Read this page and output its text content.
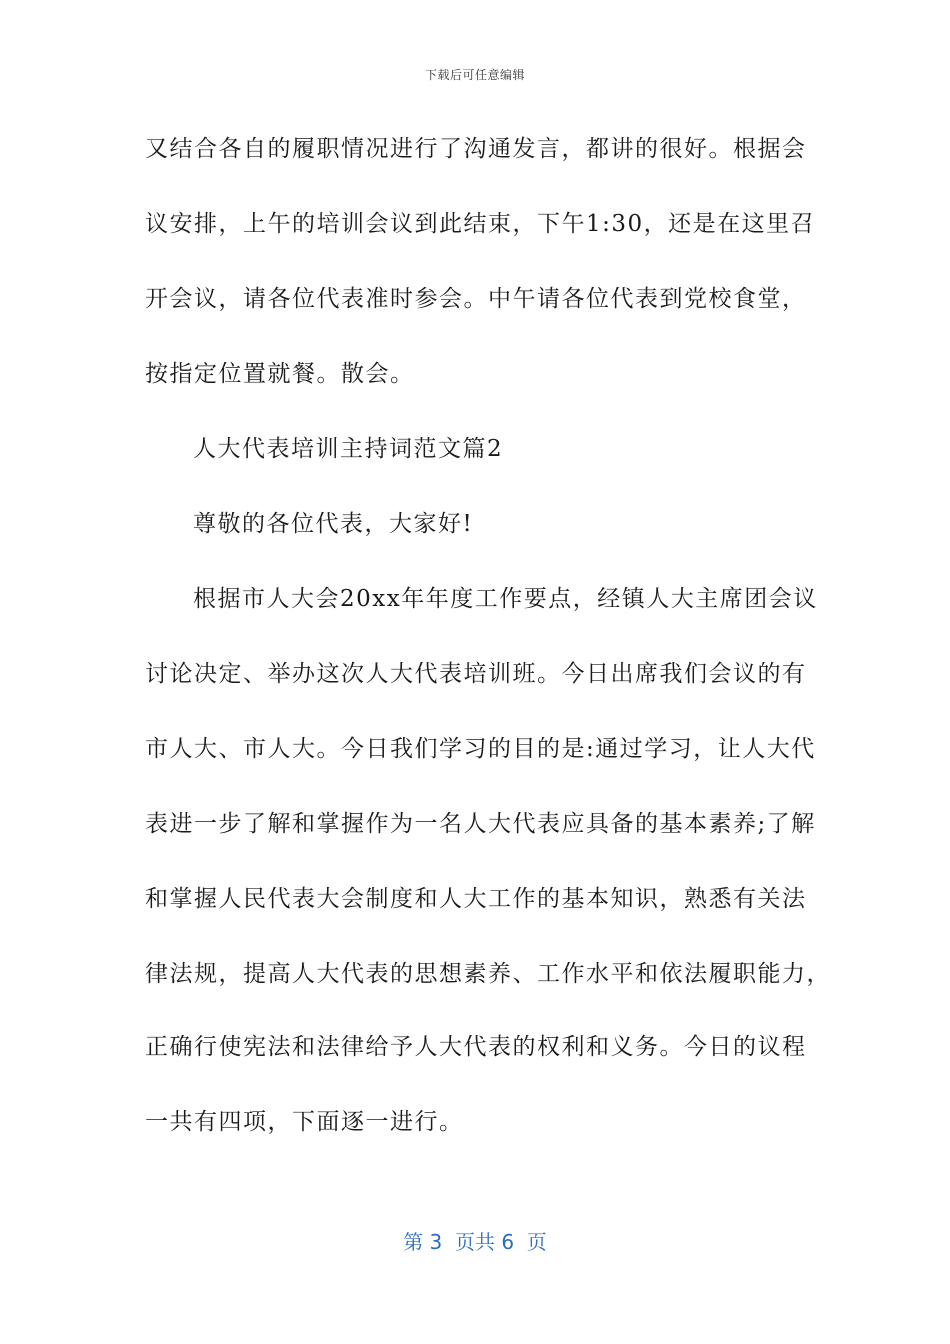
下载后可任意编辑
又结合各自的履职情况进行了沟通发言，都讲的很好。根据会
议安排，上午的培训会议到此结束，下午1:30，还是在这里召
开会议，请各位代表准时参会。中午请各位代表到党校食堂，
按指定位置就餐。散会。
人大代表培训主持词范文篇2
尊敬的各位代表，大家好!
根据市人大会20xx年年度工作要点，经镇人大主席团会议
讨论决定、举办这次人大代表培训班。今日出席我们会议的有
市人大、市人大。今日我们学习的目的是:通过学习，让人大代
表进一步了解和掌握作为一名人大代表应具备的基本素养;了解
和掌握人民代表大会制度和人大工作的基本知识，熟悉有关法
律法规，提高人大代表的思想素养、工作水平和依法履职能力，
正确行使宪法和法律给予人大代表的权利和义务。今日的议程
一共有四项，下面逐一进行。
第 3  页共 6  页
